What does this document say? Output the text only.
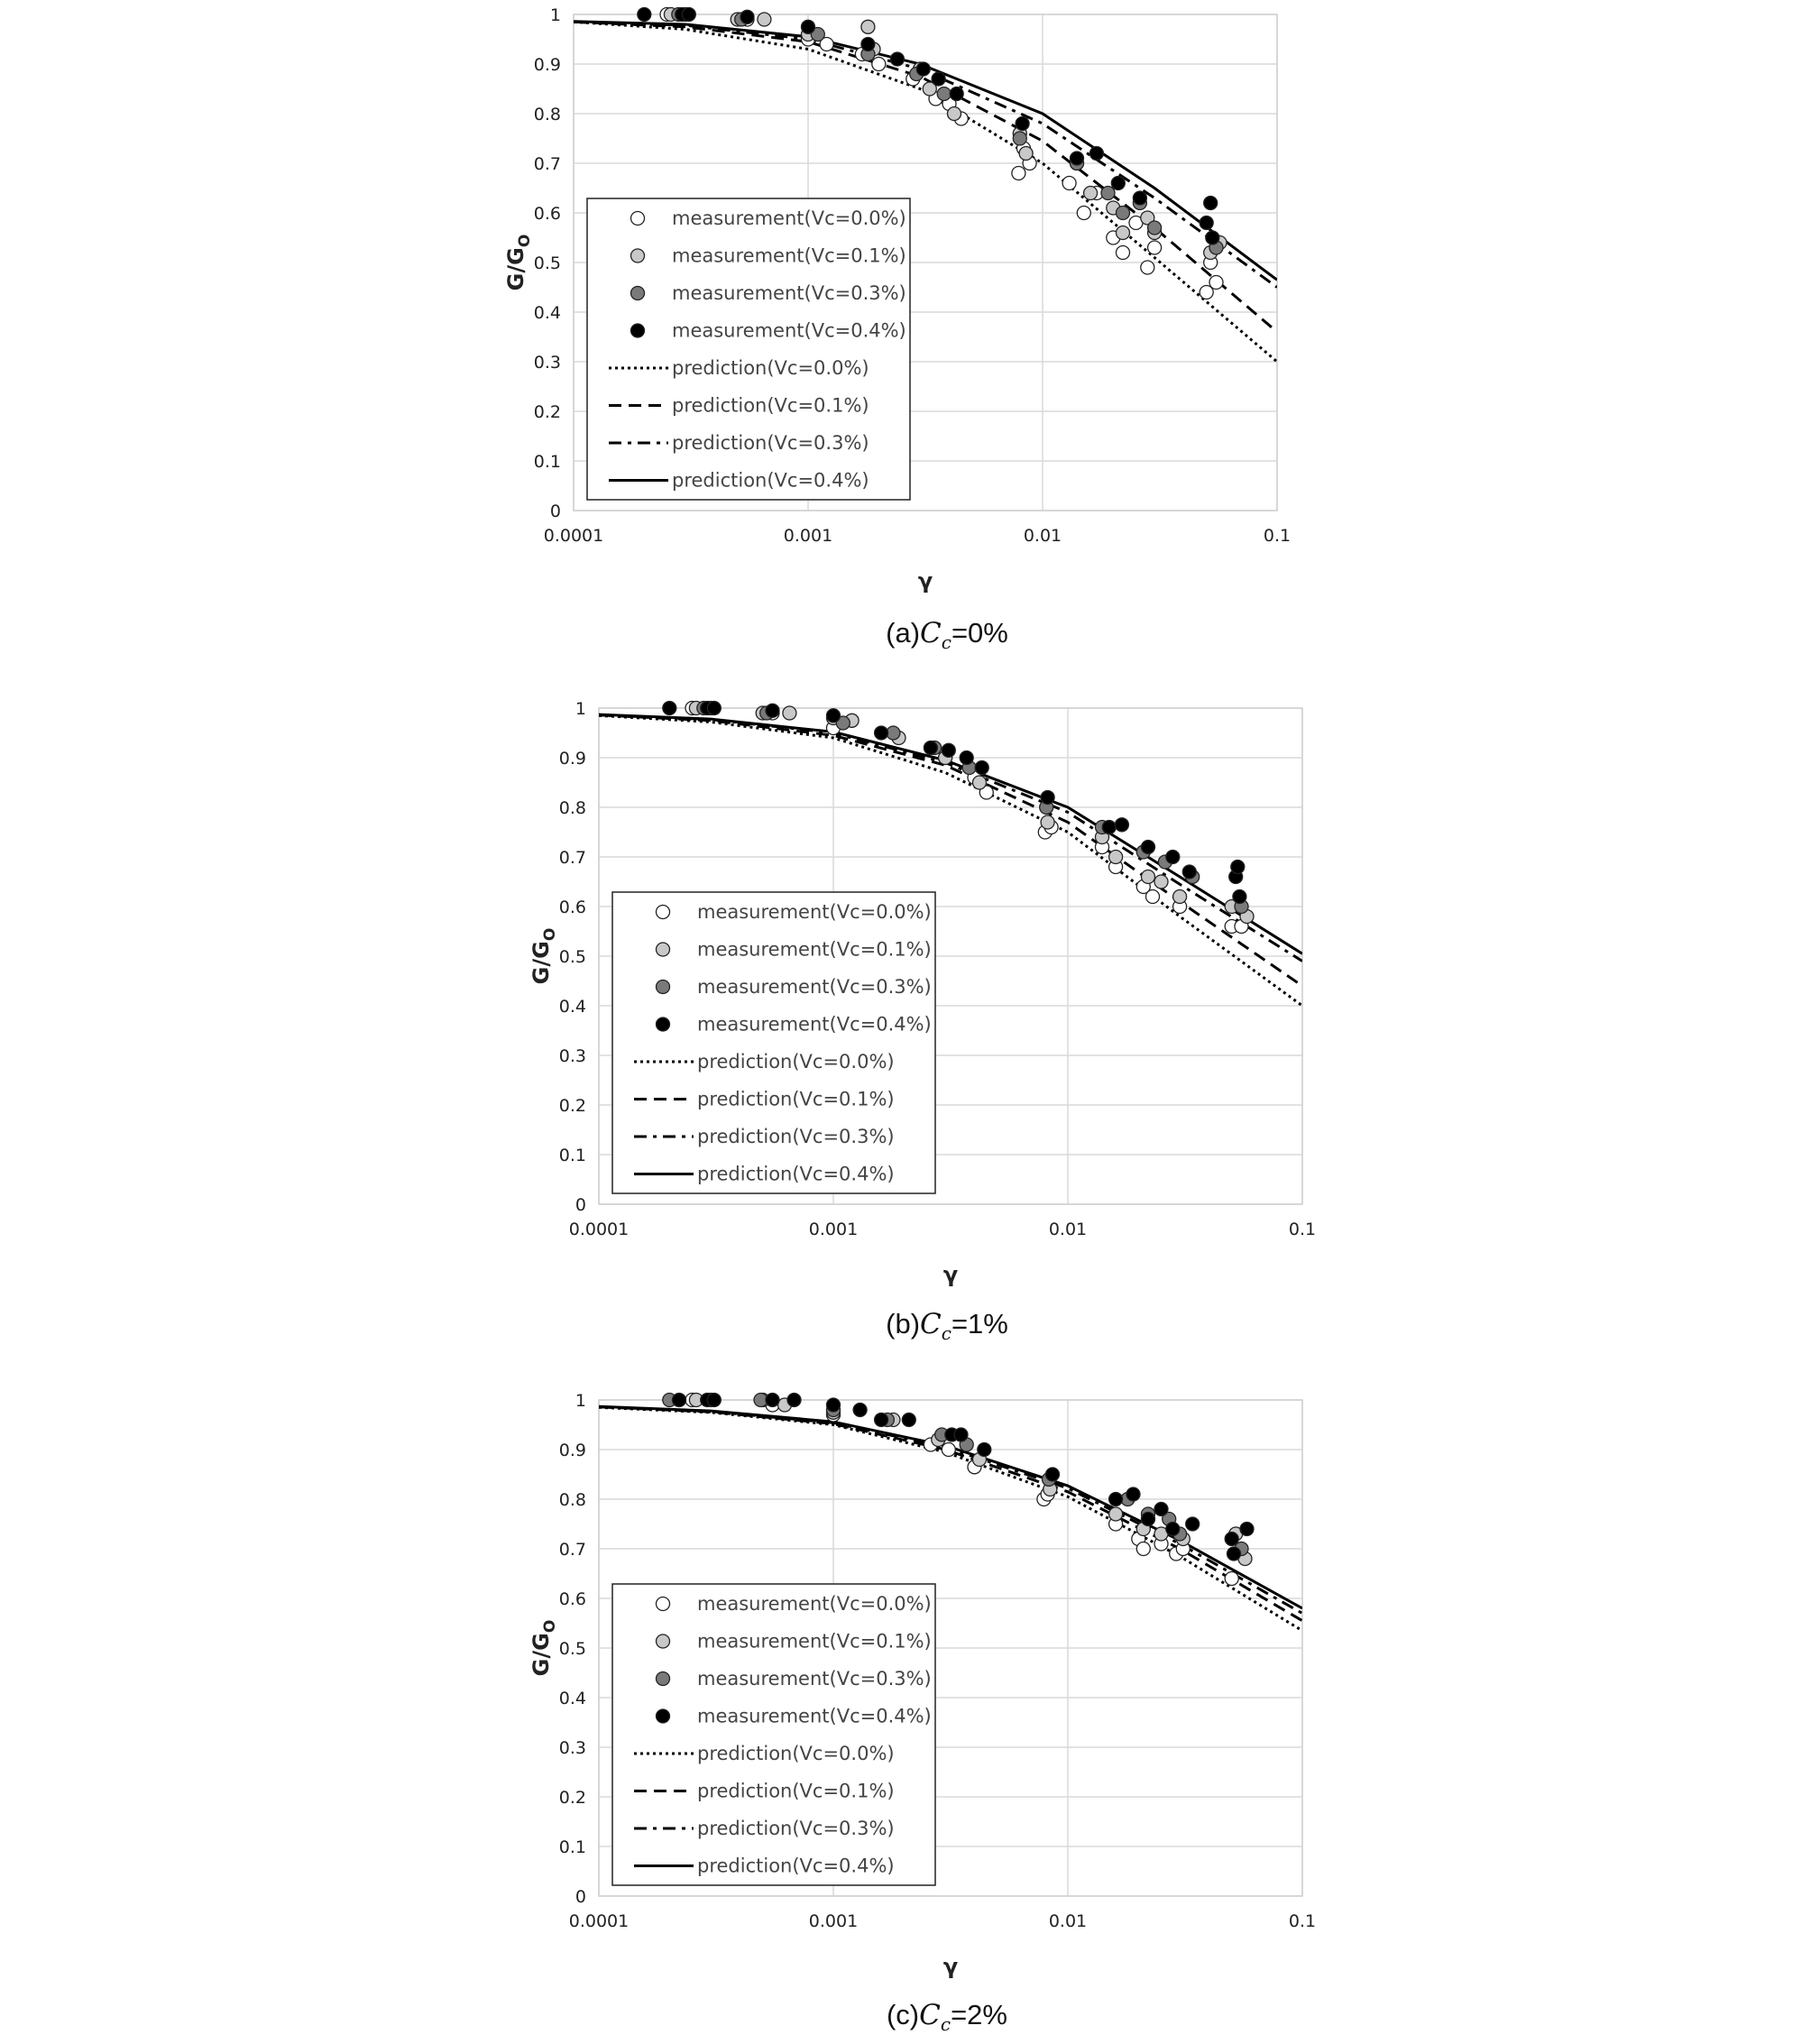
0
0.1
0.2
0.3
0.4
0.5
0.6
0.7
0.8
0.9
1
0.0001	0.001	0.01	0.1
γ
$G/G_O$
measurement(Vc=0.0%)
measurement(Vc=0.1%)
measurement(Vc=0.3%)
measurement(Vc=0.4%)
prediction(Vc=0.0%)
prediction(Vc=0.1%)
prediction(Vc=0.3%)
prediction(Vc=0.4%)
$(a)C_c=0\%$
0
0.1
0.2
0.3
0.4
0.5
0.6
0.7
0.8
0.9
1
0.0001	0.001	0.01	0.1
γ
$G/G_O$
measurement(Vc=0.0%)
measurement(Vc=0.1%)
measurement(Vc=0.3%)
measurement(Vc=0.4%)
prediction(Vc=0.0%)
prediction(Vc=0.1%)
prediction(Vc=0.3%)
prediction(Vc=0.4%)
$(b)C_c=1\%$
0
0.1
0.2
0.3
0.4
0.5
0.6
0.7
0.8
0.9
1
0.0001	0.001	0.01	0.1
γ
$G/G_O$
measurement(Vc=0.0%)
measurement(Vc=0.1%)
measurement(Vc=0.3%)
measurement(Vc=0.4%)
prediction(Vc=0.0%)
prediction(Vc=0.1%)
prediction(Vc=0.3%)
prediction(Vc=0.4%)
$(c)C_c=2\%$
